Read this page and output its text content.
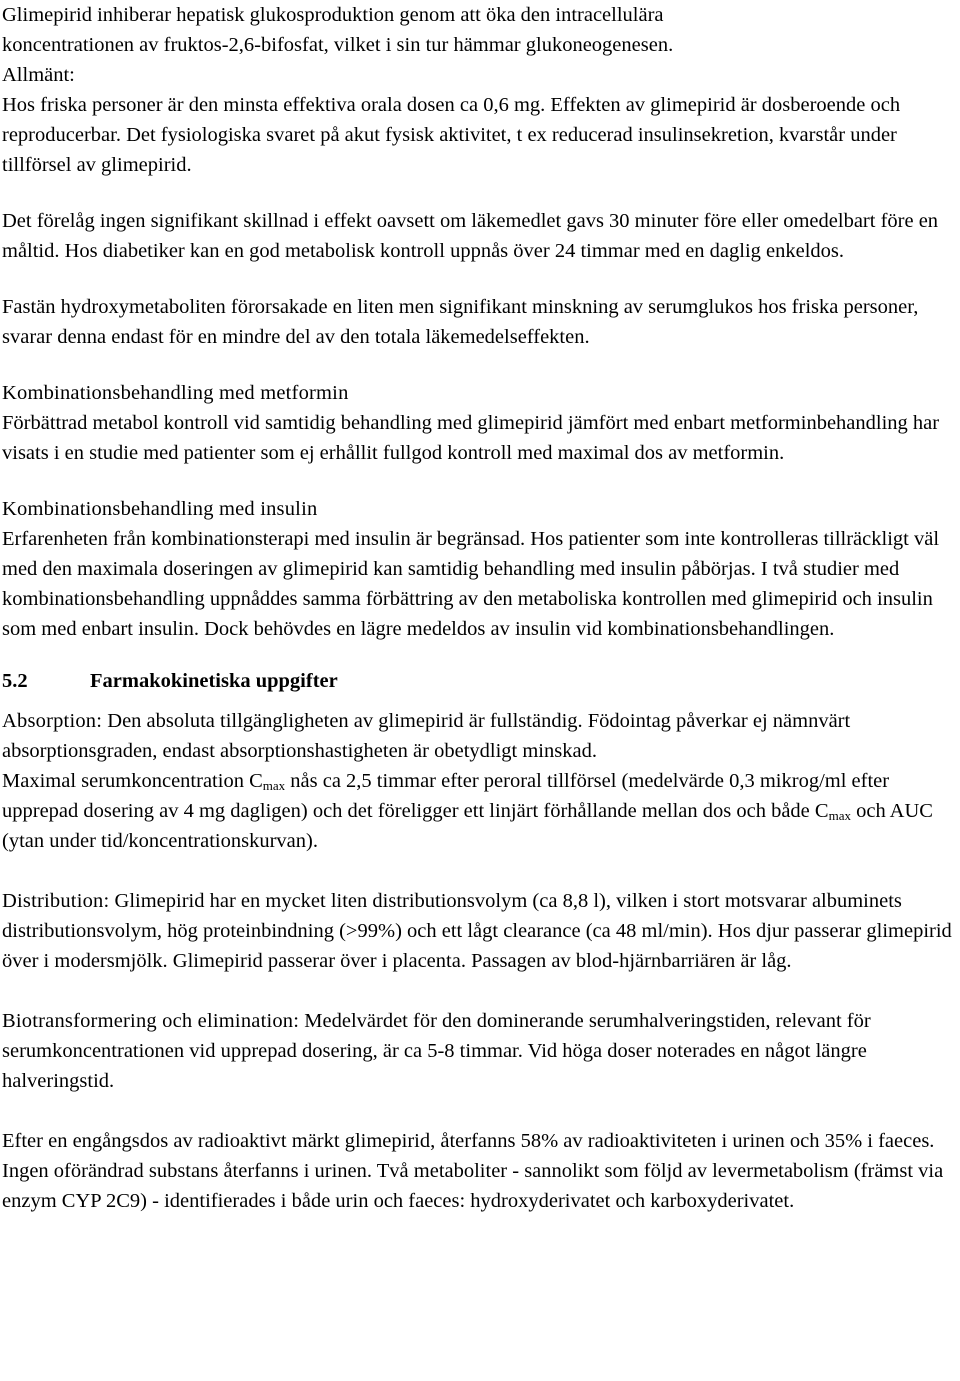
Glimepirid inhiberar hepatisk glukosproduktion genom att öka den intracellulära
koncentrationen av fruktos-2,6-bifosfat, vilket i sin tur hämmar glukoneogenesen.
Allmänt:
Hos friska personer är den minsta effektiva orala dosen ca 0,6 mg. Effekten av glimepirid är dosberoende och reproducerbar. Det fysiologiska svaret på akut fysisk aktivitet, t ex reducerad insulinsekretion, kvarstår under tillförsel av glimepirid.

Det förelåg ingen signifikant skillnad i effekt oavsett om läkemedlet gavs 30 minuter före eller omedelbart före en måltid. Hos diabetiker kan en god metabolisk kontroll uppnås över 24 timmar med en daglig enkeldos.

Fastän hydroxymetaboliten förorsakade en liten men signifikant minskning av serumglukos hos friska personer, svarar denna endast för en mindre del av den totala läkemedelseffekten.

Kombinationsbehandling med metformin
Förbättrad metabol kontroll vid samtidig behandling med glimepirid jämfört med enbart metforminbehandling har visats i en studie med patienter som ej erhållit fullgod kontroll med maximal dos av metformin.

Kombinationsbehandling med insulin
Erfarenheten från kombinationsterapi med insulin är begränsad. Hos patienter som inte kontrolleras tillräckligt väl med den maximala doseringen av glimepirid kan samtidig behandling med insulin påbörjas. I två studier med kombinationsbehandling uppnåddes samma förbättring av den metaboliska kontrollen med glimepirid och insulin som med enbart insulin. Dock behövdes en lägre medeldos av insulin vid kombinationsbehandlingen.

5.2	Farmakokinetiska uppgifter

Absorption: Den absoluta tillgängligheten av glimepirid är fullständig. Födointag påverkar ej nämnvärt absorptionsgraden, endast absorptionshastigheten är obetydligt minskad.
Maximal serumkoncentration $C_{max}$ nås ca 2,5 timmar efter peroral tillförsel (medelvärde 0,3 mikrog/ml efter upprepad dosering av 4 mg dagligen) och det föreligger ett linjärt förhållande mellan dos och både $C_{max}$ och AUC (ytan under tid/koncentrationskurvan).

Distribution: Glimepirid har en mycket liten distributionsvolym (ca 8,8 l), vilken i stort motsvarar albuminets distributionsvolym, hög proteinbindning (>99%) och ett lågt clearance (ca 48 ml/min). Hos djur passerar glimepirid över i modersmjölk. Glimepirid passerar över i placenta. Passagen av blod-hjärnbarriären är låg.

Biotransformering och elimination: Medelvärdet för den dominerande serumhalveringstiden, relevant för serumkoncentrationen vid upprepad dosering, är ca 5-8 timmar. Vid höga doser noterades en något längre halveringstid.

Efter en engångsdos av radioaktivt märkt glimepirid, återfanns 58% av radioaktiviteten i urinen och 35% i faeces. Ingen oförändrad substans återfanns i urinen. Två metaboliter - sannolikt som följd av levermetabolism (främst via enzym CYP 2C9) - identifierades i både urin och faeces: hydroxyderivatet och karboxyderivatet.
